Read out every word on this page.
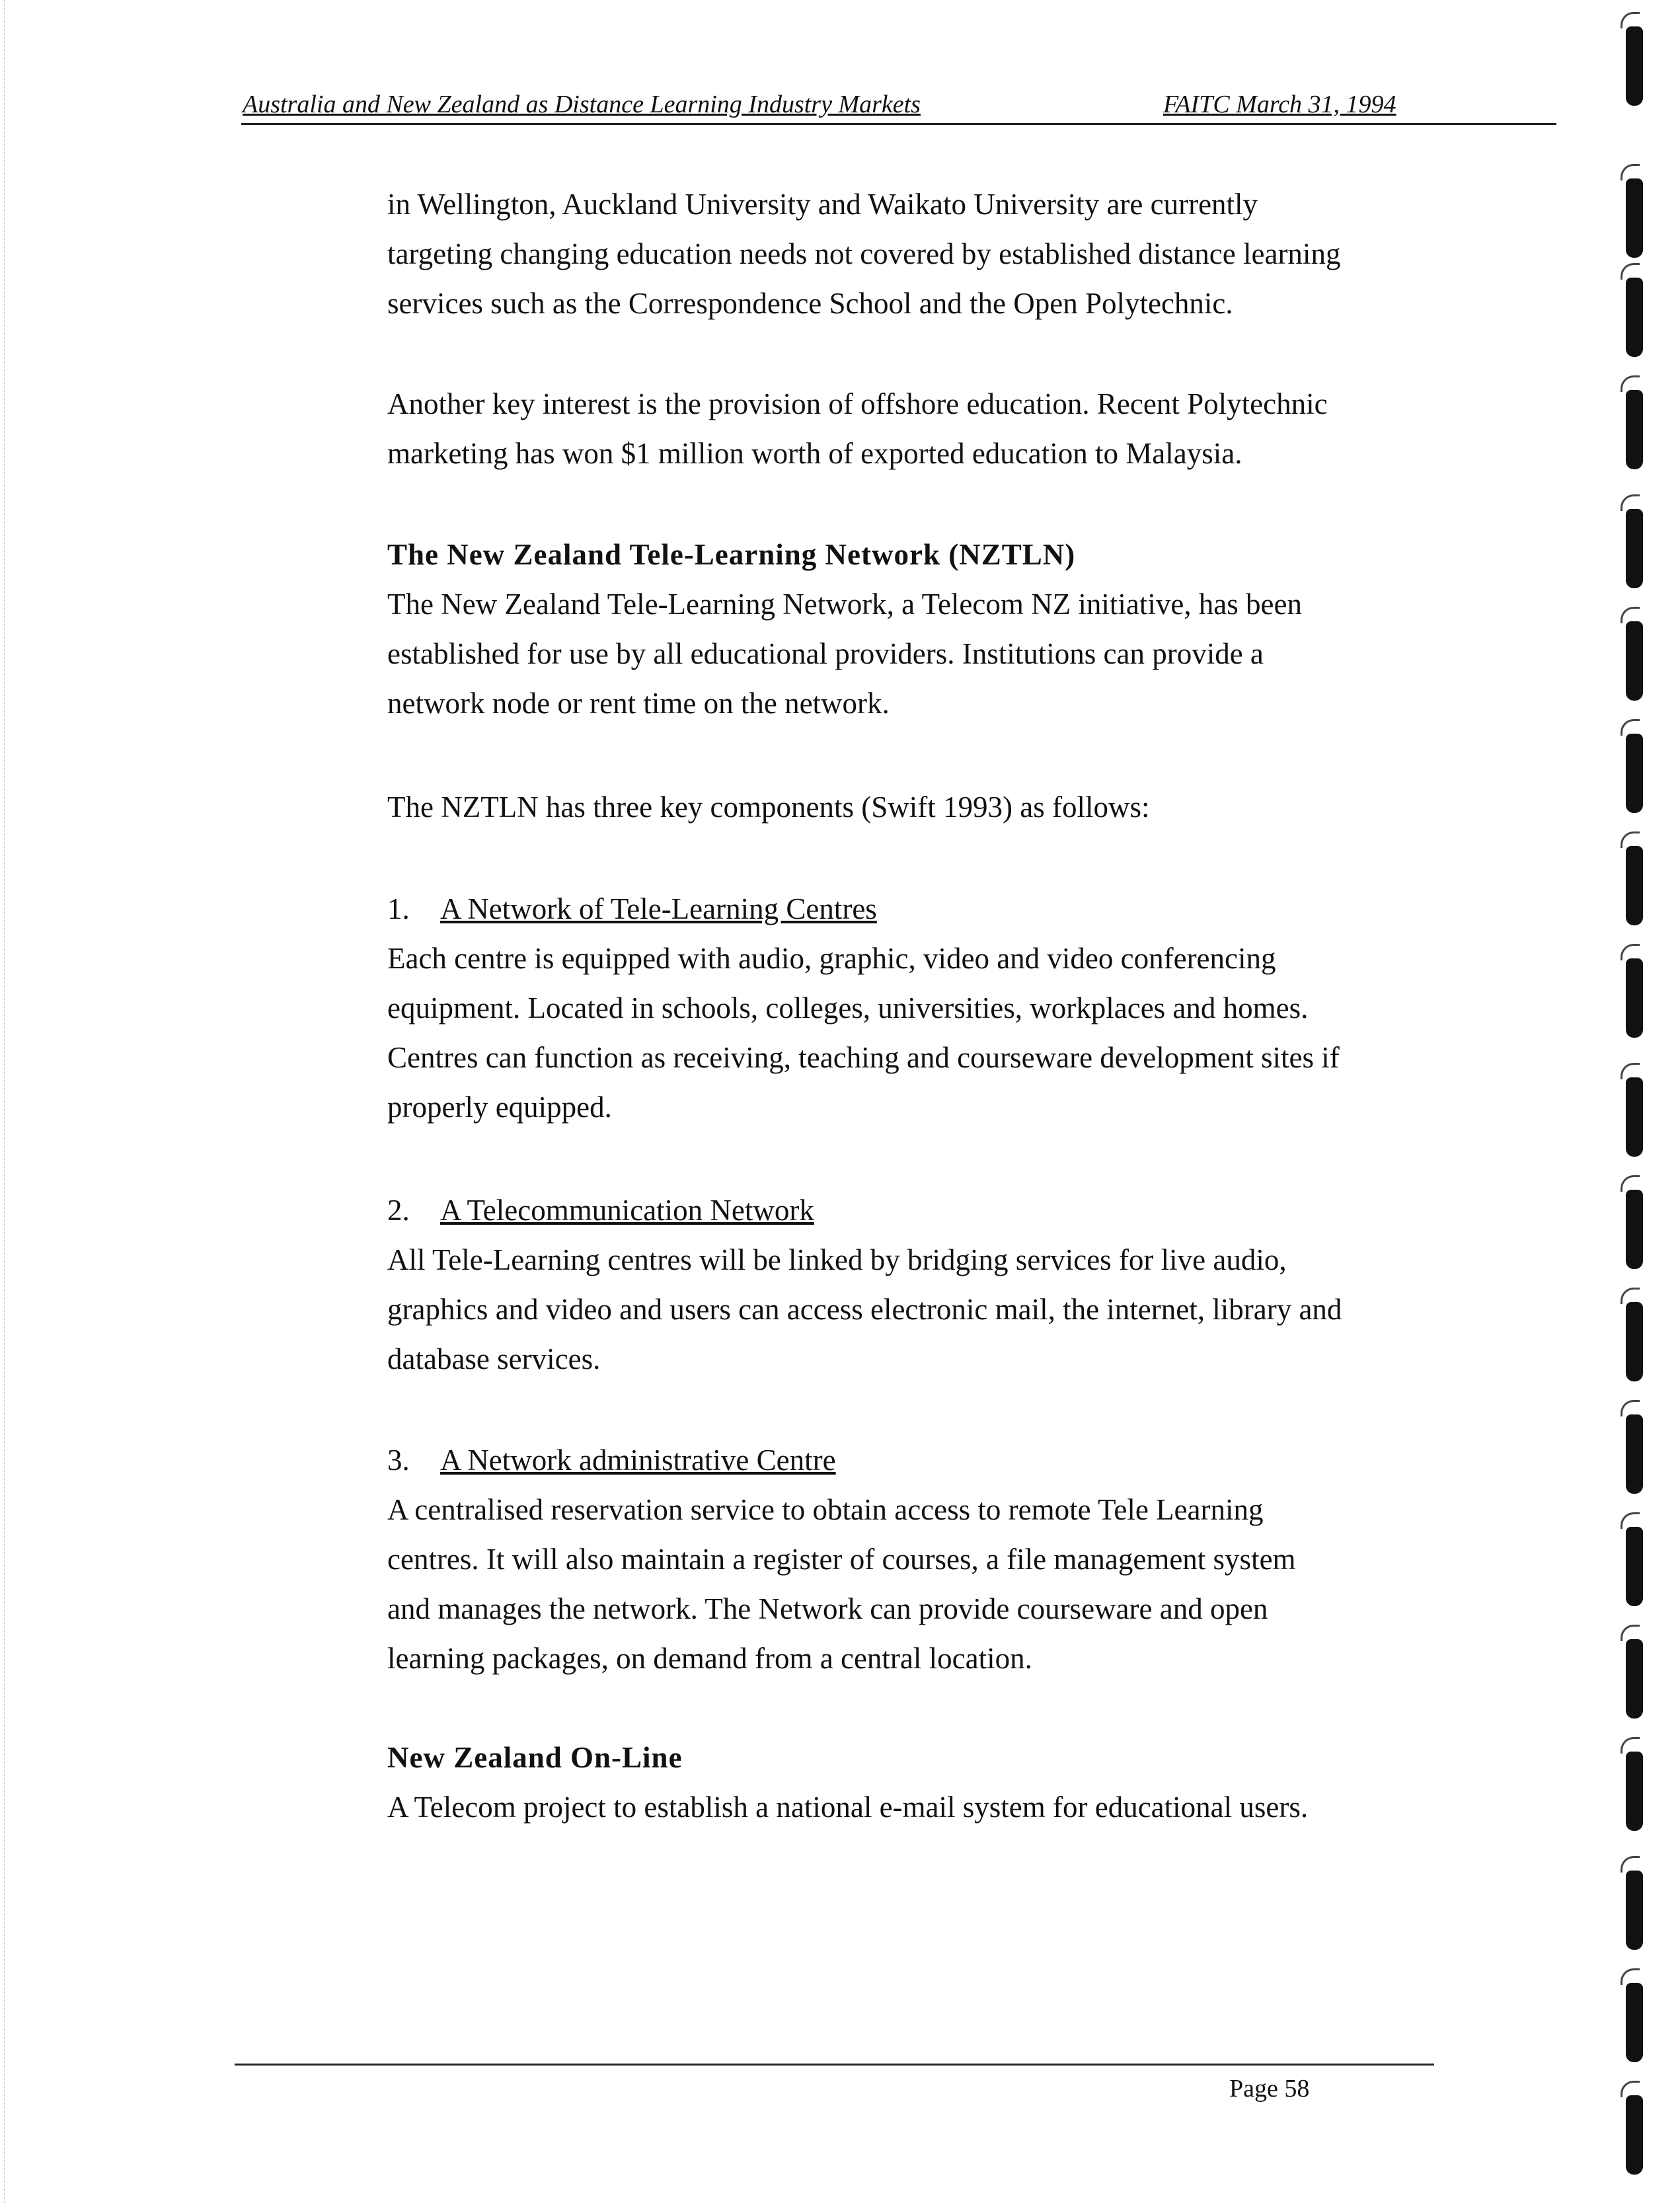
Australia and New Zealand as Distance Learning Industry Markets	FAITC March 31, 1994

in Wellington, Auckland University and Waikato University are currently
targeting changing education needs not covered by established distance learning
services such as the Correspondence School and the Open Polytechnic.

Another key interest is the provision of offshore education. Recent Polytechnic
marketing has won $1 million worth of exported education to Malaysia.

The New Zealand Tele-Learning Network (NZTLN)
The New Zealand Tele-Learning Network, a Telecom NZ initiative, has been
established for use by all educational providers. Institutions can provide a
network node or rent time on the network.

The NZTLN has three key components (Swift 1993) as follows:

1. A Network of Tele-Learning Centres
Each centre is equipped with audio, graphic, video and video conferencing
equipment. Located in schools, colleges, universities, workplaces and homes.
Centres can function as receiving, teaching and courseware development sites if
properly equipped.
2. A Telecommunication Network
All Tele-Learning centres will be linked by bridging services for live audio,
graphics and video and users can access electronic mail, the internet, library and
database services.
3. A Network administrative Centre
A centralised reservation service to obtain access to remote Tele Learning
centres. It will also maintain a register of courses, a file management system
and manages the network. The Network can provide courseware and open
learning packages, on demand from a central location.
New Zealand On-Line
A Telecom project to establish a national e-mail system for educational users.
Page 58
